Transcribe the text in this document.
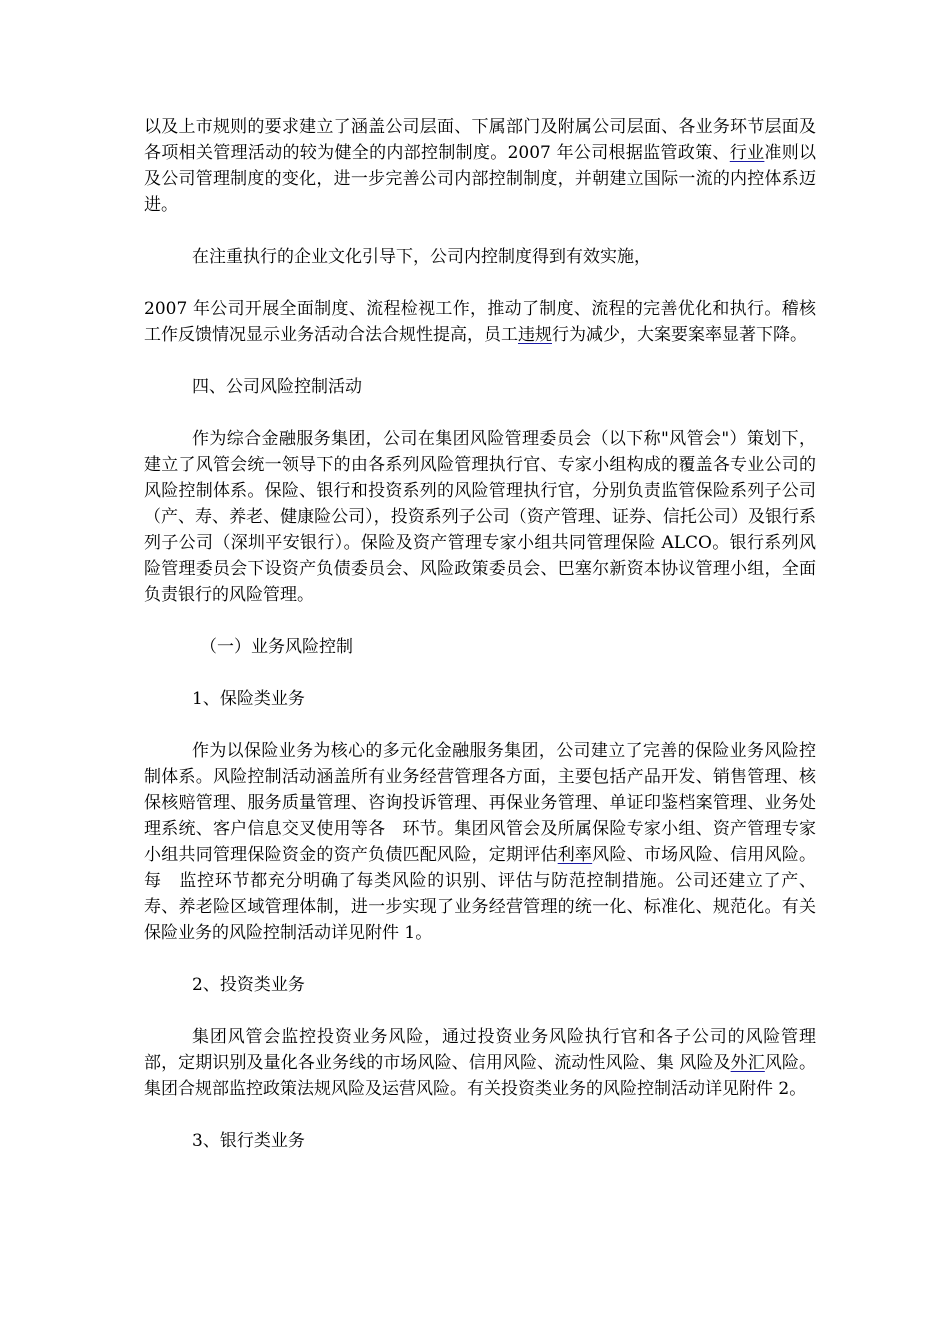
以及上市规则的要求建立了涵盖公司层面、下属部门及附属公司层面、各业务环节层面及各项相关管理活动的较为健全的内部控制制度。2007 年公司根据监管政策、行业准则以及公司管理制度的变化，进一步完善公司内部控制制度，并朝建立国际一流的内控体系迈进。

在注重执行的企业文化引导下，公司内控制度得到有效实施，

2007 年公司开展全面制度、流程检视工作，推动了制度、流程的完善优化和执行。稽核工作反馈情况显示业务活动合法合规性提高，员工违规行为减少，大案要案率显著下降。

四、公司风险控制活动

作为综合金融服务集团，公司在集团风险管理委员会（以下称"风管会"）策划下，建立了风管会统一领导下的由各系列风险管理执行官、专家小组构成的覆盖各专业公司的风险控制体系。保险、银行和投资系列的风险管理执行官，分别负责监管保险系列子公司（产、寿、养老、健康险公司），投资系列子公司（资产管理、证券、信托公司）及银行系列子公司（深圳平安银行）。保险及资产管理专家小组共同管理保险 ALCO。银行系列风险管理委员会下设资产负债委员会、风险政策委员会、巴塞尔新资本协议管理小组，全面负责银行的风险管理。

（一）业务风险控制

1、保险类业务

作为以保险业务为核心的多元化金融服务集团，公司建立了完善的保险业务风险控制体系。风险控制活动涵盖所有业务经营管理各方面，主要包括产品开发、销售管理、核保核赔管理、服务质量管理、咨询投诉管理、再保业务管理、单证印鉴档案管理、业务处理系统、客户信息交叉使用等各　环节。集团风管会及所属保险专家小组、资产管理专家小组共同管理保险资金的资产负债匹配风险，定期评估利率风险、市场风险、信用风险。每　监控环节都充分明确了每类风险的识别、评估与防范控制措施。公司还建立了产、寿、养老险区域管理体制，进一步实现了业务经营管理的统一化、标准化、规范化。有关保险业务的风险控制活动详见附件 1。

2、投资类业务

集团风管会监控投资业务风险，通过投资业务风险执行官和各子公司的风险管理部，定期识别及量化各业务线的市场风险、信用风险、流动性风险、集 风险及外汇风险。集团合规部监控政策法规风险及运营风险。有关投资类业务的风险控制活动详见附件 2。

3、银行类业务
